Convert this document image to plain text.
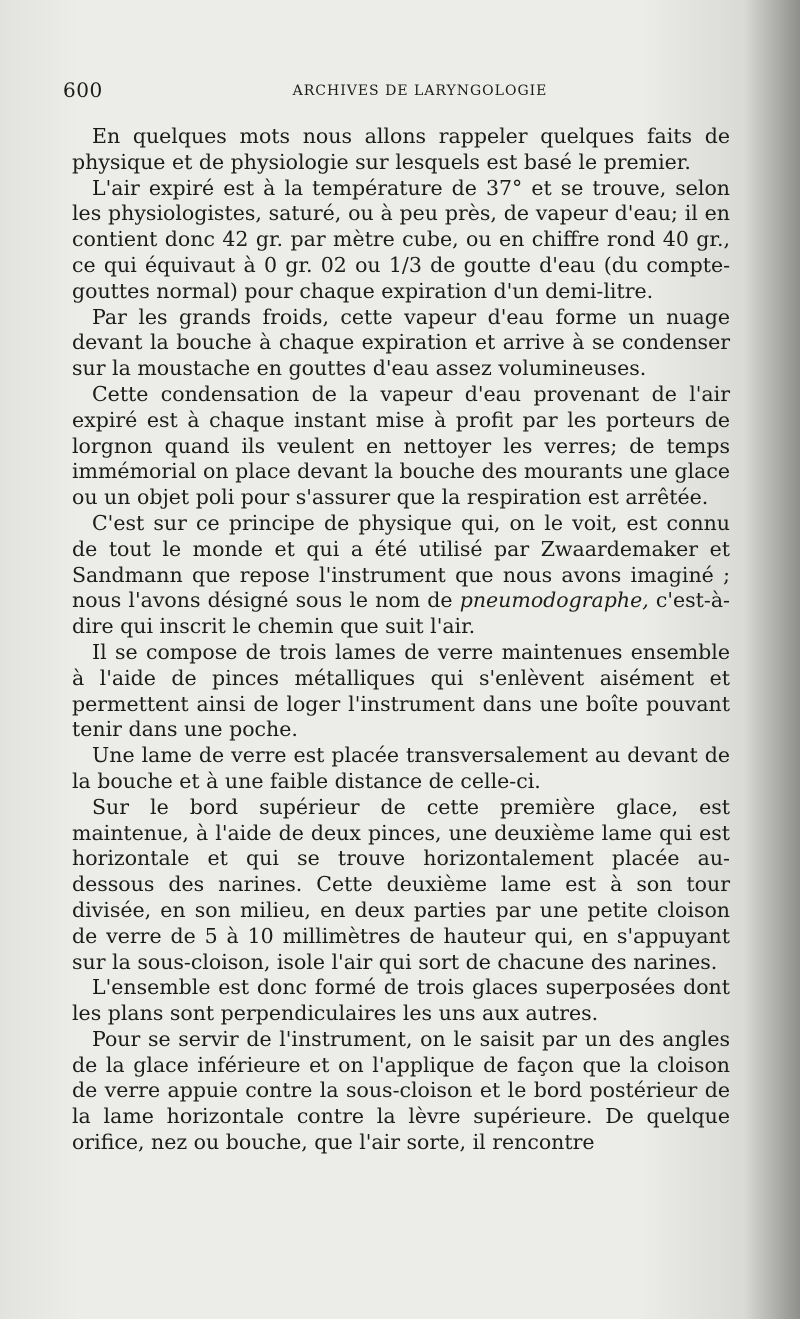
600	ARCHIVES DE LARYNGOLOGIE

En quelques mots nous allons rappeler quelques faits de physique et de physiologie sur lesquels est basé le premier.

L'air expiré est à la température de 37° et se trouve, selon les physiologistes, saturé, ou à peu près, de vapeur d'eau; il en contient donc 42 gr. par mètre cube, ou en chiffre rond 40 gr., ce qui équivaut à 0 gr. 02 ou 1/3 de goutte d'eau (du compte-gouttes normal) pour chaque expiration d'un demi-litre.

Par les grands froids, cette vapeur d'eau forme un nuage devant la bouche à chaque expiration et arrive à se condenser sur la moustache en gouttes d'eau assez volumineuses.

Cette condensation de la vapeur d'eau provenant de l'air expiré est à chaque instant mise à profit par les porteurs de lorgnon quand ils veulent en nettoyer les verres; de temps immémorial on place devant la bouche des mourants une glace ou un objet poli pour s'assurer que la respiration est arrêtée.

C'est sur ce principe de physique qui, on le voit, est connu de tout le monde et qui a été utilisé par Zwaardemaker et Sandmann que repose l'instrument que nous avons imaginé ; nous l'avons désigné sous le nom de pneumodographe, c'est-à-dire qui inscrit le chemin que suit l'air.

Il se compose de trois lames de verre maintenues ensemble à l'aide de pinces métalliques qui s'enlèvent aisément et permettent ainsi de loger l'instrument dans une boîte pouvant tenir dans une poche.

Une lame de verre est placée transversalement au devant de la bouche et à une faible distance de celle-ci.

Sur le bord supérieur de cette première glace, est maintenue, à l'aide de deux pinces, une deuxième lame qui est horizontale et qui se trouve horizontalement placée au-dessous des narines. Cette deuxième lame est à son tour divisée, en son milieu, en deux parties par une petite cloison de verre de 5 à 10 millimètres de hauteur qui, en s'appuyant sur la sous-cloison, isole l'air qui sort de chacune des narines.

L'ensemble est donc formé de trois glaces superposées dont les plans sont perpendiculaires les uns aux autres.

Pour se servir de l'instrument, on le saisit par un des angles de la glace inférieure et on l'applique de façon que la cloison de verre appuie contre la sous-cloison et le bord postérieur de la lame horizontale contre la lèvre supérieure. De quelque orifice, nez ou bouche, que l'air sorte, il rencontre
